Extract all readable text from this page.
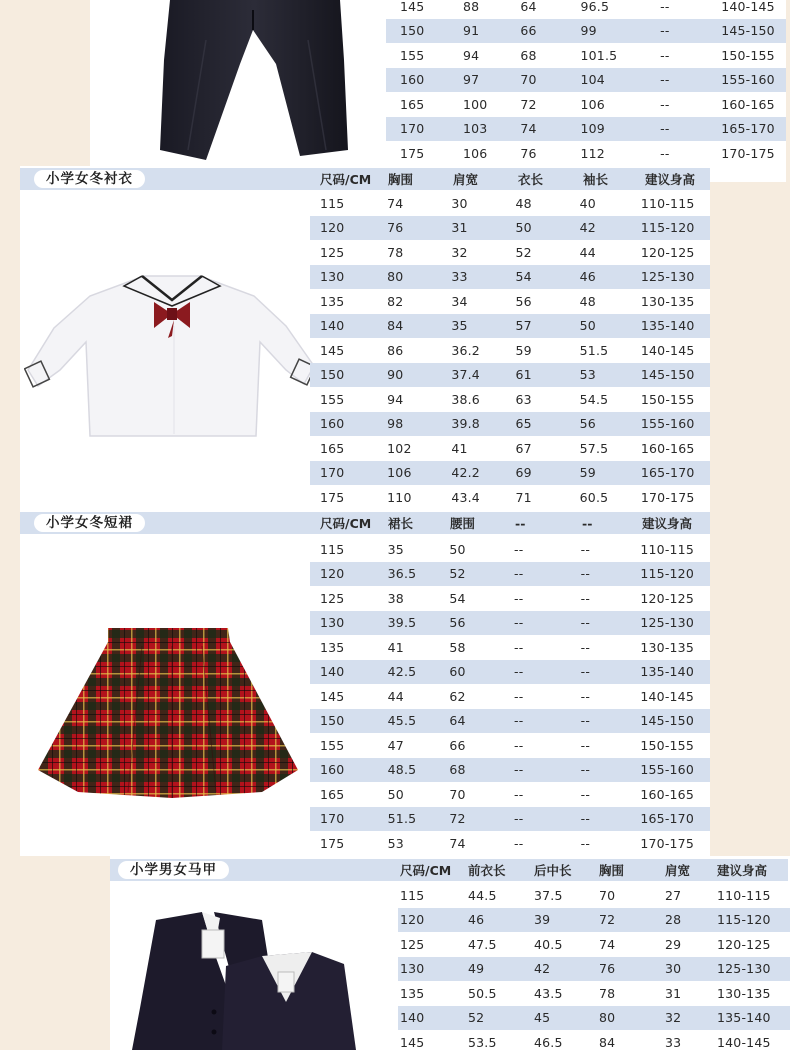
145	88	64	96.5	--	140-145
150	91	66	99	--	145-150
155	94	68	101.5	--	150-155
160	97	70	104	--	155-160
165	100	72	106	--	160-165
170	103	74	109	--	165-170
175	106	76	112	--	170-175
小学女冬衬衣	尺码/CM	胸围	肩宽	衣长	袖长	建议身高
115	74	30	48	40	110-115
120	76	31	50	42	115-120
125	78	32	52	44	120-125
130	80	33	54	46	125-130
135	82	34	56	48	130-135
140	84	35	57	50	135-140
145	86	36.2	59	51.5	140-145
150	90	37.4	61	53	145-150
155	94	38.6	63	54.5	150-155
160	98	39.8	65	56	155-160
165	102	41	67	57.5	160-165
170	106	42.2	69	59	165-170
175	110	43.4	71	60.5	170-175
小学女冬短裙	尺码/CM	裙长	腰围	--	--	建议身高
115	35	50	--	--	110-115
120	36.5	52	--	--	115-120
125	38	54	--	--	120-125
130	39.5	56	--	--	125-130
135	41	58	--	--	130-135
140	42.5	60	--	--	135-140
145	44	62	--	--	140-145
150	45.5	64	--	--	145-150
155	47	66	--	--	150-155
160	48.5	68	--	--	155-160
165	50	70	--	--	160-165
170	51.5	72	--	--	165-170
175	53	74	--	--	170-175
小学男女马甲	尺码/CM	前衣长	后中长	胸围	肩宽	建议身高
115	44.5	37.5	70	27	110-115
120	46	39	72	28	115-120
125	47.5	40.5	74	29	120-125
130	49	42	76	30	125-130
135	50.5	43.5	78	31	130-135
140	52	45	80	32	135-140
145	53.5	46.5	84	33	140-145
